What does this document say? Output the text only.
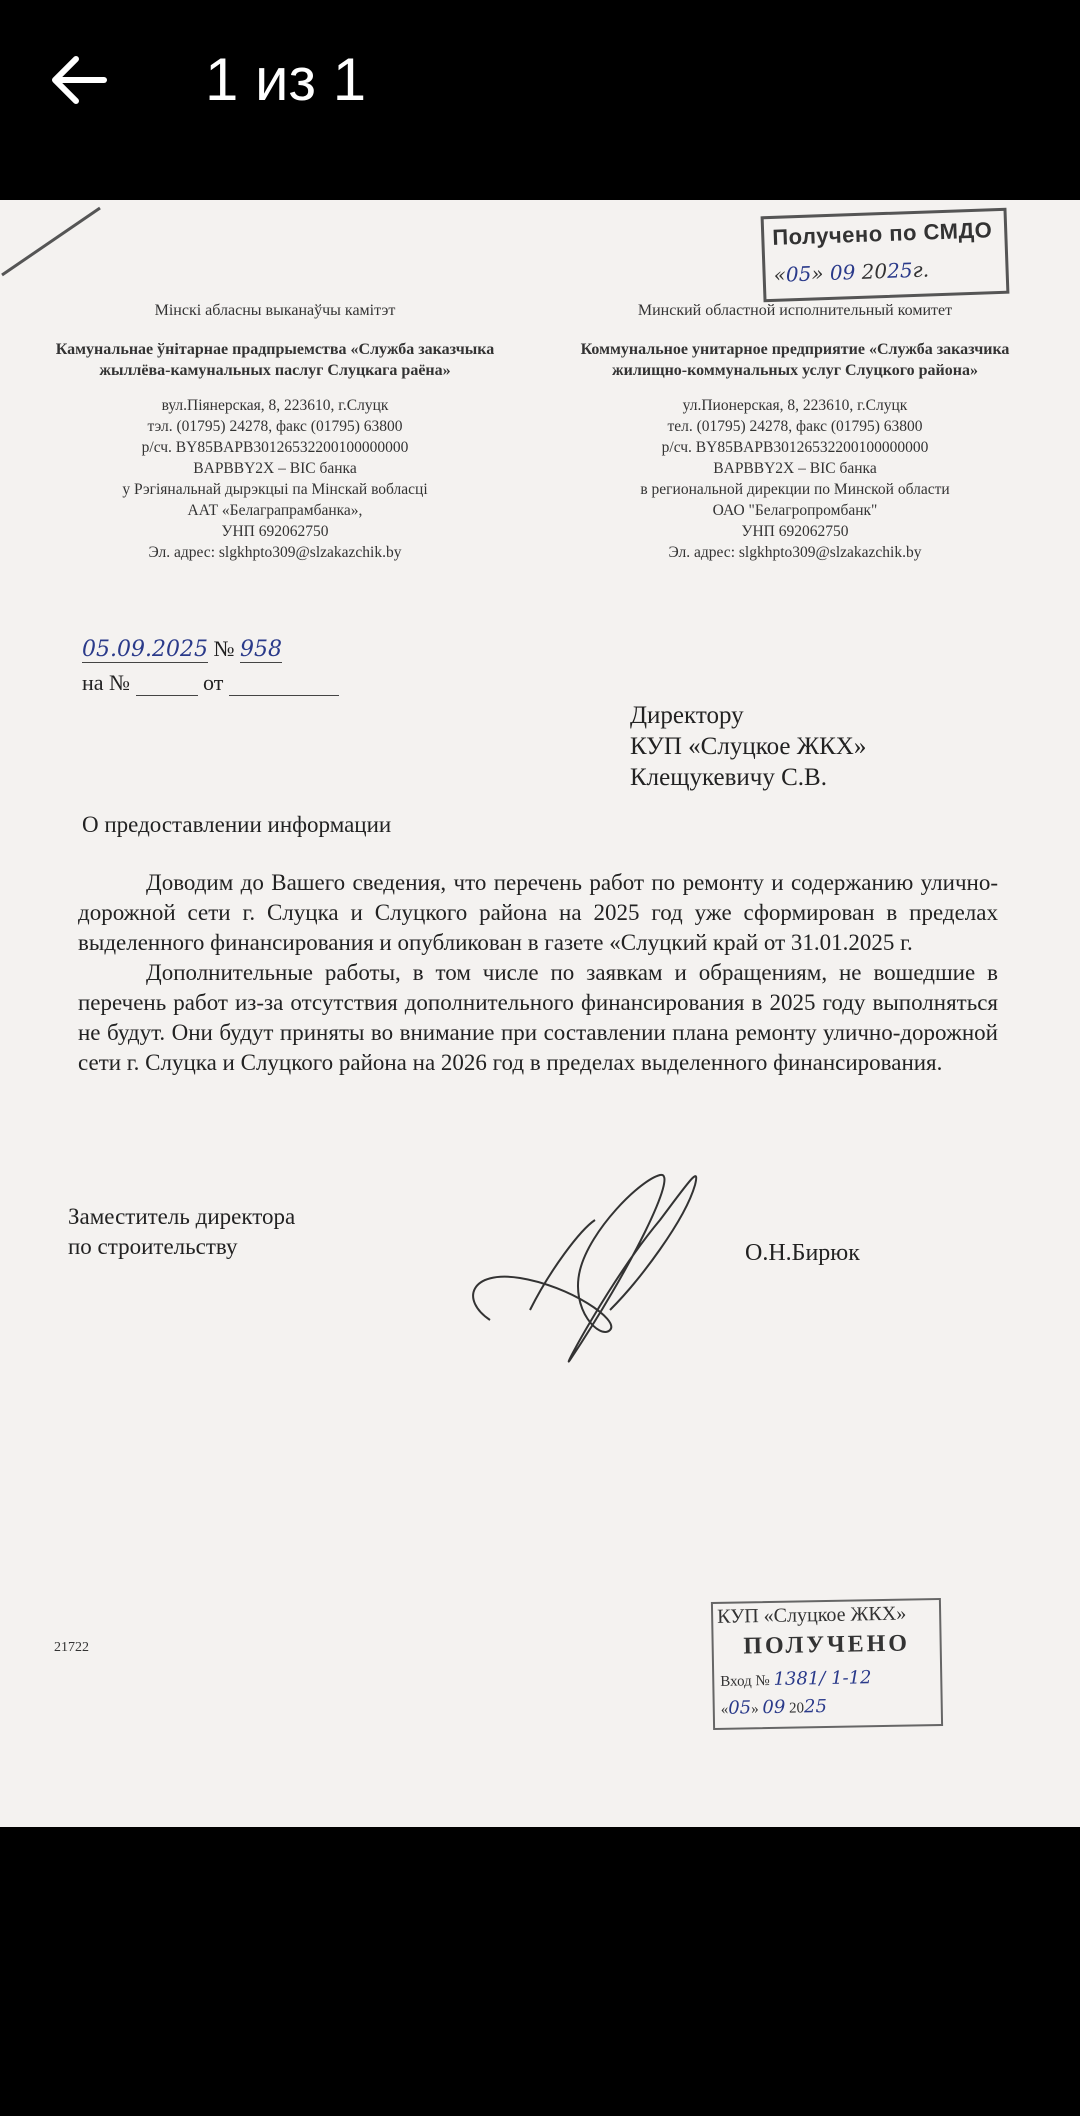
1 из 1
Получено по СМДО
«05» 09 2025г.
Мінскі абласны выканаўчы камітэт
Камунальнае ўнітарнае прадпрыемства «Служба заказчыка жыллёва-камунальных паслуг Слуцкага раёна»
вул.Піянерская, 8, 223610, г.Слуцк
тэл. (01795) 24278, факс (01795) 63800
р/сч. BY85BAPB30126532200100000000
BAPBBY2X – BIC банка
у Рэгіянальнай дырэкцыі па Мінскай вобласці
ААТ «Белаграпрамбанка»,
УНП 692062750
Эл. адрес: slgkhpto309@slzakazchik.by
Минский областной исполнительный комитет
Коммунальное унитарное предприятие «Служба заказчика жилищно-коммунальных услуг Слуцкого района»
ул.Пионерская, 8, 223610, г.Слуцк
тел. (01795) 24278, факс (01795) 63800
р/сч. BY85BAPB30126532200100000000
BAPBBY2X – BIC банка
в региональной дирекции по Минской области
ОАО "Белагропромбанк"
УНП 692062750
Эл. адрес: slgkhpto309@slzakazchik.by
05.09.2025 № 958
на №	от
Директору
КУП «Слуцкое ЖКХ»
Клещукевичу С.В.
О предоставлении информации

Доводим до Вашего сведения, что перечень работ по ремонту и содержанию улично-дорожной сети г. Слуцка и Слуцкого района на 2025 год уже сформирован в пределах выделенного финансирования и опубликован в газете «Слуцкий край от 31.01.2025 г.

Дополнительные работы, в том числе по заявкам и обращениям, не вошедшие в перечень работ из-за отсутствия дополнительного финансирования в 2025 году выполняться не будут. Они будут приняты во внимание при составлении плана ремонту улично-дорожной сети г. Слуцка и Слуцкого района на 2026 год в пределах выделенного финансирования.

Заместитель директора
по строительству	О.Н.Бирюк
21722
КУП «Слуцкое ЖКХ»
ПОЛУЧЕНО
Вход № 1381/ 1-12
«05» 09 2025
